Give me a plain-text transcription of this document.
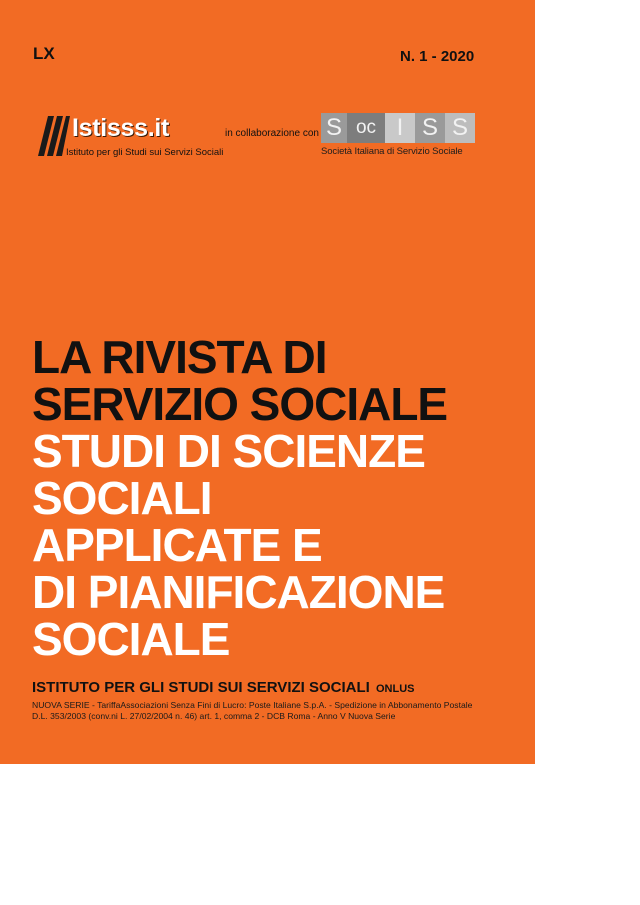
LX	N. 1 - 2020
Istisss.it
Istituto per gli Studi sui Servizi Sociali
in collaborazione con S oc I S S
Società Italiana di Servizio Sociale
LA RIVISTA DI
SERVIZIO SOCIALE
STUDI DI SCIENZE
SOCIALI
APPLICATE E
DI PIANIFICAZIONE
SOCIALE
ISTITUTO PER GLI STUDI SUI SERVIZI SOCIALI ONLUS
NUOVA SERIE - TariffaAssociazioni Senza Fini di Lucro: Poste Italiane S.p.A. - Spedizione in Abbonamento Postale
D.L. 353/2003 (conv.ni L. 27/02/2004 n. 46) art. 1, comma 2 - DCB Roma - Anno V Nuova Serie
